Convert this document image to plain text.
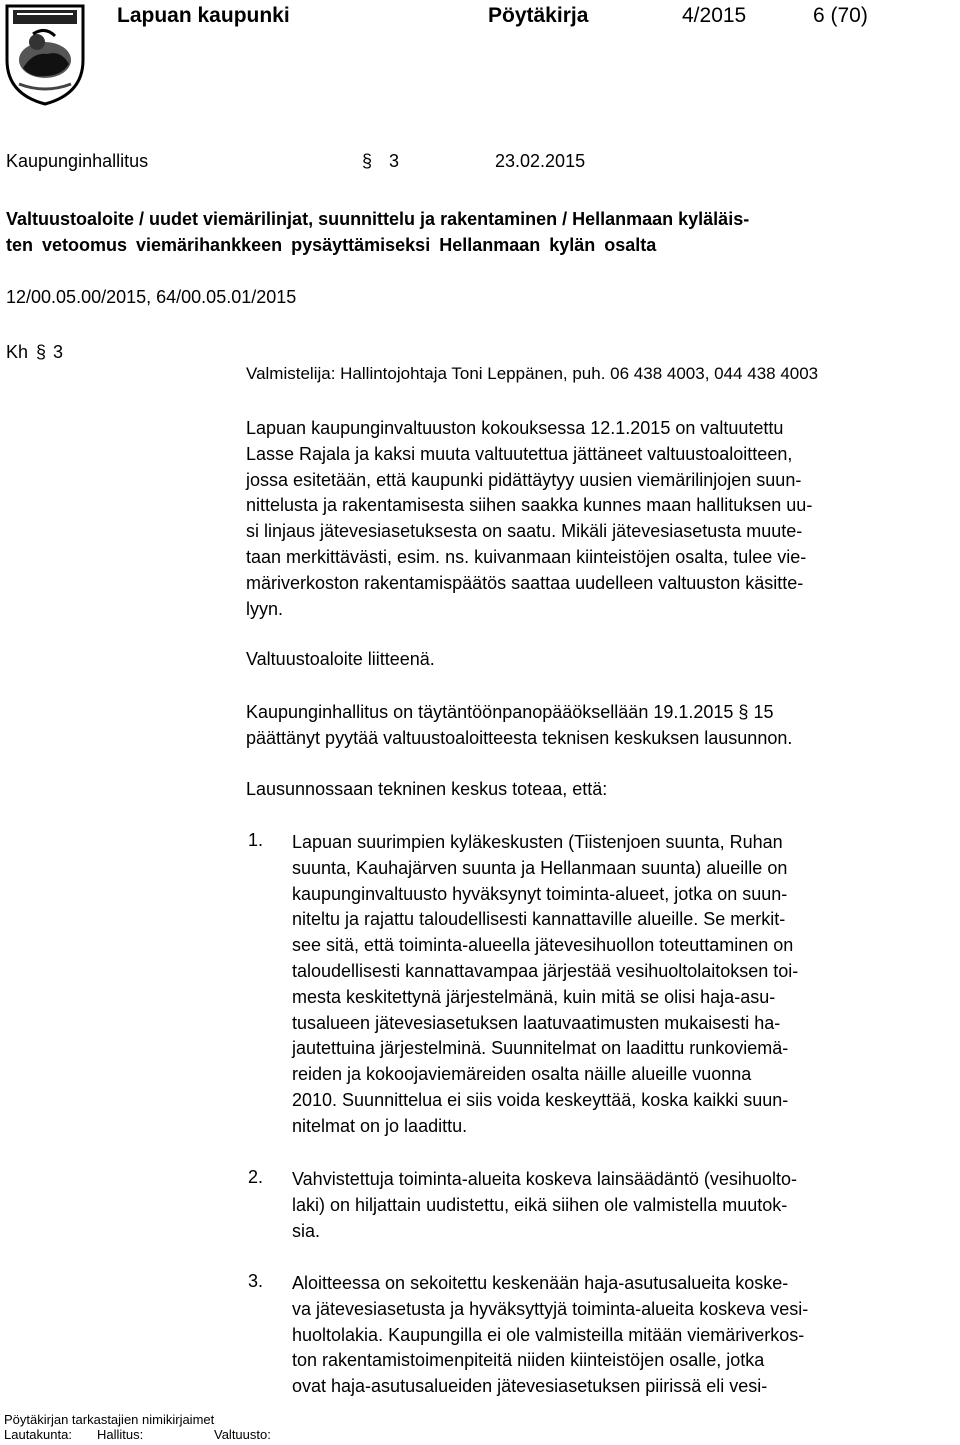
Lapuan kaupunki	Pöytäkirja	4/2015	6 (70)
Kaupunginhallitus	§ 3	23.02.2015
Valtuustoaloite / uudet viemärilinjat, suunnittelu ja rakentaminen / Hellanmaan kyläläis-
ten vetoomus viemärihankkeen pysäyttämiseksi Hellanmaan kylän osalta
12/00.05.00/2015, 64/00.05.01/2015
Kh § 3
Valmistelija: Hallintojohtaja Toni Leppänen, puh. 06 438 4003, 044 438 4003
Lapuan kaupunginvaltuuston kokouksessa 12.1.2015 on valtuutettu
Lasse Rajala ja kaksi muuta valtuutettua jättäneet valtuustoaloitteen,
jossa esitetään, että kaupunki pidättäytyy uusien viemärilinjojen suun-
nittelusta ja rakentamisesta siihen saakka kunnes maan hallituksen uu-
si linjaus jätevesiasetuksesta on saatu. Mikäli jätevesiasetusta muute-
taan merkittävästi, esim. ns. kuivanmaan kiinteistöjen osalta, tulee vie-
märiverkoston rakentamispäätös saattaa uudelleen valtuuston käsitte-
lyyn.
Valtuustoaloite liitteenä.
Kaupunginhallitus on täytäntöönpanopääöksellään 19.1.2015 § 15
päättänyt pyytää valtuustoaloitteesta teknisen keskuksen lausunnon.
Lausunnossaan tekninen keskus toteaa, että:
1. Lapuan suurimpien kyläkeskusten (Tiistenjoen suunta, Ruhan
suunta, Kauhajärven suunta ja Hellanmaan suunta) alueille on
kaupunginvaltuusto hyväksynyt toiminta-alueet, jotka on suun-
niteltu ja rajattu taloudellisesti kannattaville alueille. Se merkit-
see sitä, että toiminta-alueella jätevesihuollon toteuttaminen on
taloudellisesti kannattavampaa järjestää vesihuoltolaitoksen toi-
mesta keskitettynä järjestelmänä, kuin mitä se olisi haja-asu-
tusalueen jätevesiasetuksen laatuvaatimusten mukaisesti ha-
jautettuina järjestelminä. Suunnitelmat on laadittu runkoviemä-
reiden ja kokoojaviemäreiden osalta näille alueille vuonna
2010. Suunnittelua ei siis voida keskeyttää, koska kaikki suun-
nitelmat on jo laadittu.
2. Vahvistettuja toiminta-alueita koskeva lainsäädäntö (vesihuolto-
laki) on hiljattain uudistettu, eikä siihen ole valmistella muutok-
sia.
3. Aloitteessa on sekoitettu keskenään haja-asutusalueita koske-
va jätevesiasetusta ja hyväksyttyjä toiminta-alueita koskeva vesi-
huoltolakia. Kaupungilla ei ole valmisteilla mitään viemäriverkos-
ton rakentamistoimenpiteitä niiden kiinteistöjen osalle, jotka
ovat haja-asutusalueiden jätevesiasetuksen piirissä eli vesi-
Pöytäkirjan tarkastajien nimikirjaimet
Lautakunta: Hallitus:	Valtuusto:
